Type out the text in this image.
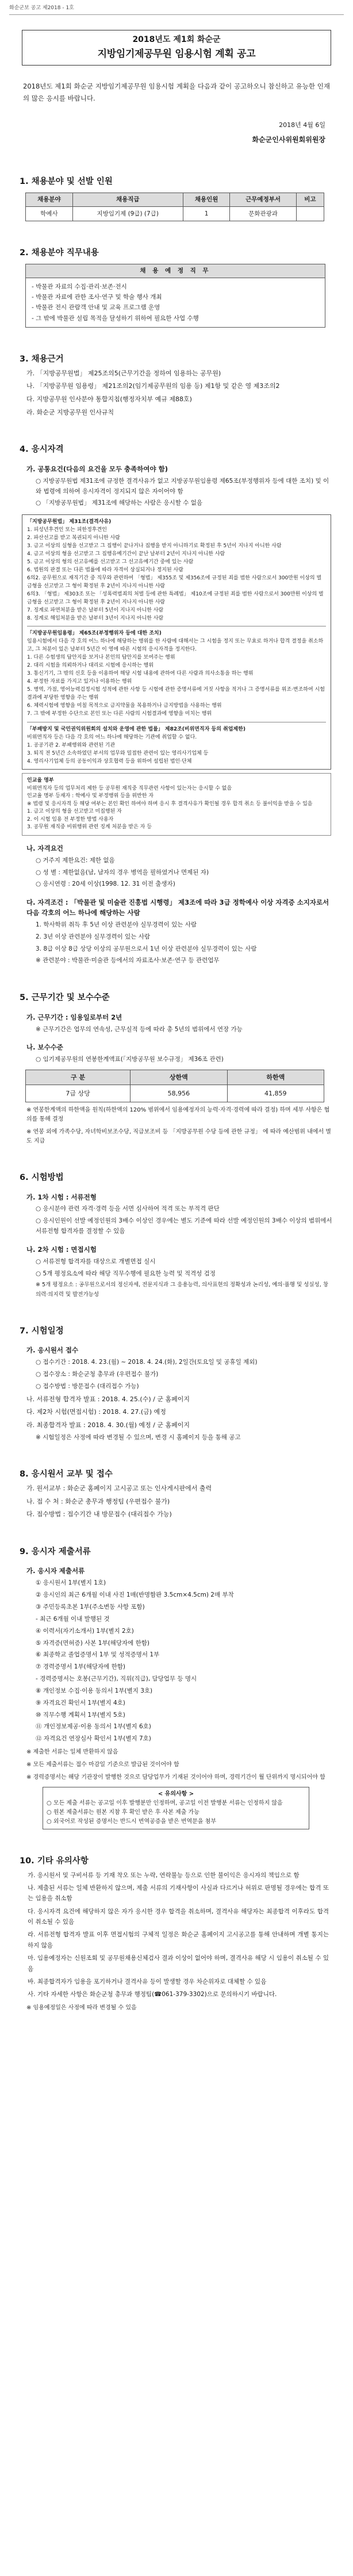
화순군보 공고 제2018 - 1호
2018년도 제1회 화순군
지방임기제공무원 임용시험 계획 공고
2018년도 제1회 화순군 지방임기제공무원 임용시험 계획을 다음과 같이 공고하오니 참신하고 유능한 인재의 많은 응시를 바랍니다.
2018년 4월 6일
화순군인사위원회위원장
1. 채용분야 및 선발 인원
채용분야	채용직급	채용인원	근무예정부서	비고
학예사	지방임기제 (9급) (7급)	1	문화관광과	
2. 채용분야 직무내용
채 용 예 정 직 무
- 박물관 자료의 수집·관리·보존·전시
- 박물관 자료에 관한 조사·연구 및 학술 행사 개최
- 박물관 전시 관람객 안내 및 교육 프로그램 운영
- 그 밖에 박물관 설립 목적을 달성하기 위하여 필요한 사업 수행
3. 채용근거
가. 「지방공무원법」 제25조의5(근무기간을 정하여 임용하는 공무원)
나. 「지방공무원 임용령」 제21조의2(임기제공무원의 임용 등) 제1항 및 같은 영 제3조의2
다. 지방공무원 인사분야 통합지침(행정자치부 예규 제88호)
라. 화순군 지방공무원 인사규칙
4. 응시자격
가. 공통요건(다음의 요건을 모두 충족하여야 함)
○ 지방공무원법 제31조에 규정한 결격사유가 없고 지방공무원임용령 제65조(부정행위자 등에 대한 조치) 및 이와 법령에 의하여 응시자격이 정지되지 않은 자이어야 함
○ 「지방공무원법」 제31조에 해당하는 사람은 응시할 수 없음
「지방공무원법」 제31조(결격사유)
1. 피성년후견인 또는 피한정후견인
2. 파산선고를 받고 복권되지 아니한 사람
3. 금고 이상의 실형을 선고받고 그 집행이 끝나거나 집행을 받지 아니하기로 확정된 후 5년이 지나지 아니한 사람
4. 금고 이상의 형을 선고받고 그 집행유예기간이 끝난 날부터 2년이 지나지 아니한 사람
5. 금고 이상의 형의 선고유예를 선고받고 그 선고유예기간 중에 있는 사람
6. 법원의 판결 또는 다른 법률에 따라 자격이 상실되거나 정지된 사람
6의2. 공무원으로 재직기간 중 직무와 관련하여 「형법」 제355조 및 제356조에 규정된 죄를 범한 사람으로서 300만원 이상의 벌금형을 선고받고 그 형이 확정된 후 2년이 지나지 아니한 사람
6의3. 「형법」 제303조 또는 「성폭력범죄의 처벌 등에 관한 특례법」 제10조에 규정된 죄를 범한 사람으로서 300만원 이상의 벌금형을 선고받고 그 형이 확정된 후 2년이 지나지 아니한 사람
7. 징계로 파면처분을 받은 날부터 5년이 지나지 아니한 사람
8. 징계로 해임처분을 받은 날부터 3년이 지나지 아니한 사람
「지방공무원임용령」 제65조(부정행위자 등에 대한 조치)
임용시험에서 다음 각 호의 어느 하나에 해당하는 행위를 한 사람에 대해서는 그 시험을 정지 또는 무효로 하거나 합격 결정을 취소하고, 그 처분이 있은 날부터 5년간 이 영에 따른 시험의 응시자격을 정지한다.
1. 다른 수험생의 답안지를 보거나 본인의 답안지를 보여주는 행위
2. 대리 시험을 의뢰하거나 대리로 시험에 응시하는 행위
3. 통신기기, 그 밖의 신호 등을 이용하여 해당 시험 내용에 관하여 다른 사람과 의사소통을 하는 행위
4. 부정한 자료를 가지고 있거나 이용하는 행위
5. 병역, 가점, 영어능력검정시험 성적에 관한 사항 등 시험에 관한 증명서류에 거짓 사항을 적거나 그 증명서류를 위조·변조하여 시험결과에 부당한 영향을 주는 행위
6. 체력시험에 영향을 미칠 목적으로 금지약물을 복용하거나 금지방법을 사용하는 행위
7. 그 밖에 부정한 수단으로 본인 또는 다른 사람의 시험결과에 영향을 미치는 행위
「부패방지 및 국민권익위원회의 설치와 운영에 관한 법률」 제82조(비위면직자 등의 취업제한)
비위면직자 등은 다음 각 호의 어느 하나에 해당하는 기관에 취업할 수 없다.
1. 공공기관 2. 부패행위와 관련된 기관
3. 퇴직 전 5년간 소속하였던 부서의 업무와 밀접한 관련이 있는 영리사기업체 등
4. 영리사기업체 등의 공동이익과 상호협력 등을 위하여 설립된 법인·단체
인교율 명부
비위면직자 등의 업무처리 제한 등 공무원 재직중 직무관련 사항이 있는자는 응시할 수 없음
인교율 명부 등재자 : 학예사 및 부정행위 등을 위반한 자
※ 법령 및 응시자격 등 해당 여부는 본인 확인 하여야 하며 응시 후 결격사유가 확인될 경우 합격 취소 등 불이익을 받을 수 있음
1. 금고 이상의 형을 선고받고 미집행된 자
2. 이 시험 임용 전 부정한 방법 사용자
3. 공무원 재직중 비위행위 관련 징계 처분을 받은 자 등
나. 자격요건
○ 거주지 제한요건: 제한 없음
○ 성 별 : 제한없음(남, 남자의 경우 병역을 필하였거나 면제된 자)
○ 응시연령 : 20세 이상(1998. 12. 31 이전 출생자)
다. 자격조건 : 「박물관 및 미술관 진흥법 시행령」 제3조에 따라 3급 정학예사 이상 자격증 소지자로서 다음 각호의 어느 하나에 해당하는 사람
1. 학사학위 취득 후 5년 이상 관련분야 실무경력이 있는 사람
2. 3년 이상 관련분야 실무경력이 있는 사람
3. 8급 이상 8급 상당 이상의 공무원으로서 1년 이상 관련분야 실무경력이 있는 사람
※ 관련분야 : 박물관·미술관 등에서의 자료조사·보존·연구 등 관련업무
5. 근무기간 및 보수수준
가. 근무기간 : 임용일로부터 2년
※ 근무기간은 업무의 연속성, 근무실적 등에 따라 총 5년의 범위에서 연장 가능
나. 보수수준
○ 임기제공무원의 연봉한계액표(「지방공무원 보수규정」 제36조 관련)
구 분	상한액	하한액
7급 상당	58,956	41,859
※ 연봉한계액의 하한액을 원칙(하한액의 120% 범위에서 임용예정자의 능력·자격·경력에 따라 결정) 하며 세부 사항은 협의를 통해 결정
※ 연봉 외에 가족수당, 자녀학비보조수당, 직급보조비 등 「지방공무원 수당 등에 관한 규정」 에 따라 예산범위 내에서 별도 지급
6. 시험방법
가. 1차 시험 : 서류전형
○ 응시분야 관련 자격·경력 등을 서면 심사하여 적격 또는 부적격 판단
○ 응시인원이 선발 예정인원의 3배수 이상인 경우에는 별도 기준에 따라 선발 예정인원의 3배수 이상의 범위에서 서류전형 합격자를 결정할 수 있음
나. 2차 시험 : 면접시험
○ 서류전형 합격자를 대상으로 개별면접 실시
○ 5개 평정요소에 따라 해당 직무수행에 필요한 능력 및 적격성 검정
※ 5개 평정요소 : 공무원으로서의 정신자세, 전문지식과 그 응용능력, 의사표현의 정확성과 논리성, 예의·품행 및 성실성, 창의력·의지력 및 발전가능성
7. 시험일정
가. 응시원서 접수
○ 접수기간 : 2018. 4. 23.(월) ~ 2018. 4. 24.(화), 2일간(토요일 및 공휴일 제외)
○ 접수장소 : 화순군청 총무과 (우편접수 불가)
○ 접수방법 : 방문접수 (대리접수 가능)
나. 서류전형 합격자 발표 : 2018. 4. 25.(수) / 군 홈페이지
다. 제2차 시험(면접시험) : 2018. 4. 27.(금) 예정
라. 최종합격자 발표 : 2018. 4. 30.(월) 예정 / 군 홈페이지
※ 시험일정은 사정에 따라 변경될 수 있으며, 변경 시 홈페이지 등을 통해 공고
8. 응시원서 교부 및 접수
가. 원서교부 : 화순군 홈페이지 고시공고 또는 인사게시판에서 출력
나. 접 수 처 : 화순군 총무과 행정팀 (우편접수 불가)
다. 접수방법 : 접수기간 내 방문접수 (대리접수 가능)
9. 응시자 제출서류
가. 응시자 제출서류
① 응시원서 1부(별지 1호)
② 응시인의 최근 6개월 이내 사진 1매(반명함판 3.5cm×4.5cm) 2매 부착
③ 주민등록초본 1부(주소변동 사항 포함)
- 최근 6개월 이내 발행된 것
④ 이력서(자기소개서) 1부(별지 2호)
⑤ 자격증(면허증) 사본 1부(해당자에 한함)
⑥ 최종학교 졸업증명서 1부 및 성적증명서 1부
⑦ 경력증명서 1부(해당자에 한함)
- 경력증명서는 호봉(근무기간), 직위(직급), 담당업무 등 명시
⑧ 개인정보 수집·이용 동의서 1부(별지 3호)
⑨ 자격요건 확인서 1부(별지 4호)
⑩ 직무수행 계획서 1부(별지 5호)
⑪ 개인정보제공·이용 동의서 1부(별지 6호)
⑫ 자격요건 연장심사 확인서 1부(별지 7호)
※ 제출한 서류는 일체 반환하지 않음
※ 모든 제출서류는 접수 마감일 기준으로 발급된 것이어야 함
※ 경력증명서는 해당 기관장이 발행한 것으로 담당업무가 기재된 것이어야 하며, 경력기간이 월 단위까지 명시되어야 함
< 유의사항 >
○ 모든 제출 서류는 공고일 이후 발행분만 인정하며, 공고일 이전 발행분 서류는 인정하지 않음
○ 원본 제출서류는 원본 지참 후 확인 받은 후 사본 제출 가능
○ 외국어로 작성된 증명서는 반드시 번역공증을 받은 번역문을 첨부
10. 기타 유의사항
가. 응시원서 및 구비서류 등 기재 착오 또는 누락, 연락불능 등으로 인한 불이익은 응시자의 책임으로 함
나. 제출된 서류는 일체 반환하지 않으며, 제출 서류의 기재사항이 사실과 다르거나 허위로 판명될 경우에는 합격 또는 임용을 취소함
다. 응시자격 요건에 해당하지 않은 자가 응시한 경우 합격을 취소하며, 결격사유 해당자는 최종합격 이후라도 합격이 취소될 수 있음
라. 서류전형 합격자 발표 이후 면접시험의 구체적 일정은 화순군 홈페이지 고시공고를 통해 안내하며 개별 통지는 하지 않음
마. 임용예정자는 신원조회 및 공무원채용신체검사 결과 이상이 없어야 하며, 결격사유 해당 시 임용이 취소될 수 있음
바. 최종합격자가 임용을 포기하거나 결격사유 등이 발생할 경우 차순위자로 대체할 수 있음
사. 기타 자세한 사항은 화순군청 총무과 행정팀(☎061-379-3302)으로 문의하시기 바랍니다.
※ 임용예정일은 사정에 따라 변경될 수 있음
